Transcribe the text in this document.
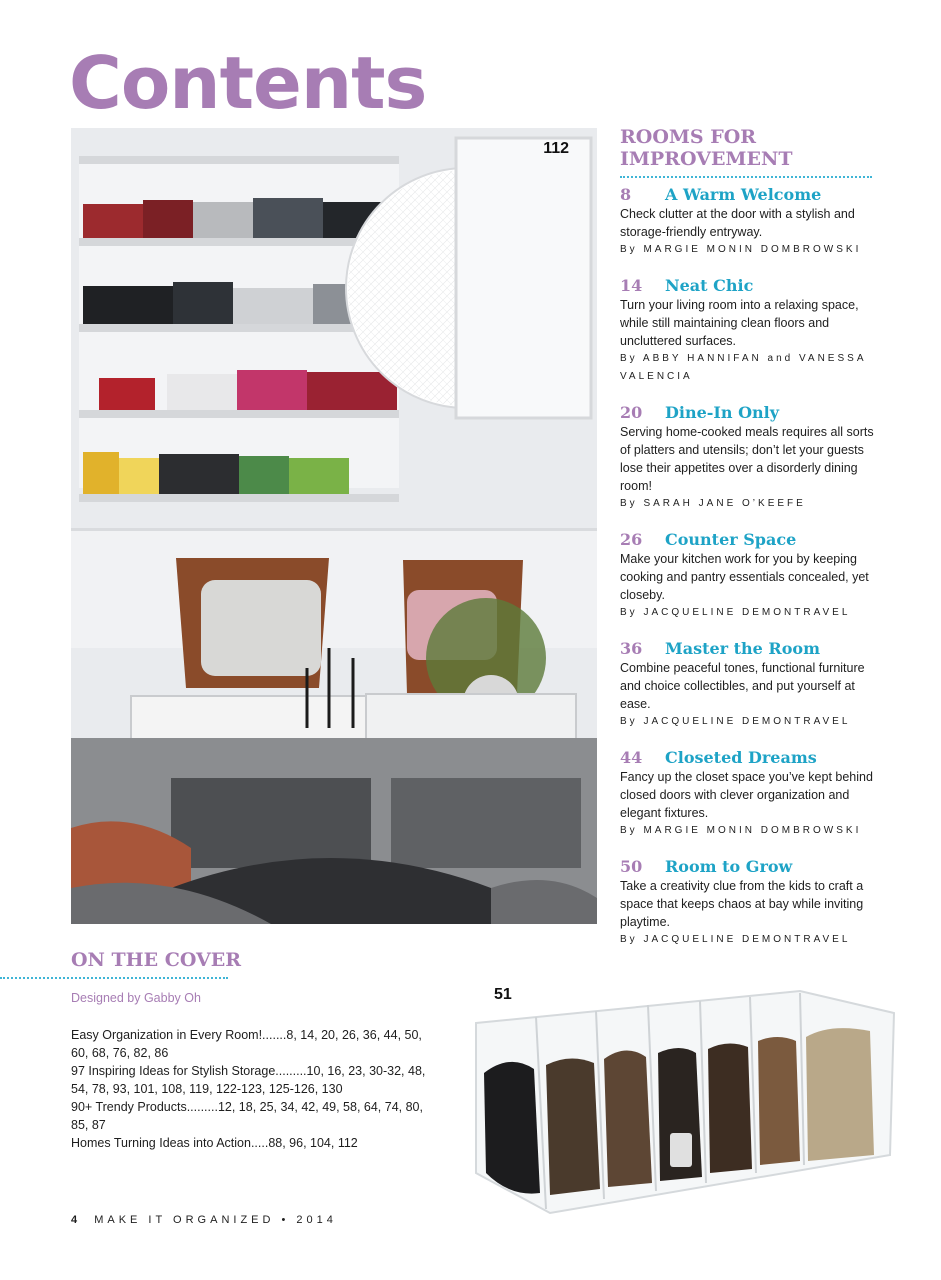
Contents
112
ROOMS FOR IMPROVEMENT
8	A Warm Welcome
Check clutter at the door with a stylish and storage-friendly entryway.
By MARGIE MONIN DOMBROWSKI
14	Neat Chic
Turn your living room into a relaxing space, while still maintaining clean floors and uncluttered surfaces.
By ABBY HANNIFAN and VANESSA VALENCIA
20	Dine-In Only
Serving home-cooked meals requires all sorts of platters and utensils; don’t let your guests lose their appetites over a disorderly dining room!
By SARAH JANE O’KEEFE
26	Counter Space
Make your kitchen work for you by keeping cooking and pantry essentials concealed, yet closeby.
By JACQUELINE DEMONTRAVEL
36	Master the Room
Combine peaceful tones, functional furniture and choice collectibles, and put yourself at ease.
By JACQUELINE DEMONTRAVEL
44	Closeted Dreams
Fancy up the closet space you’ve kept behind closed doors with clever organization and elegant fixtures.
By MARGIE MONIN DOMBROWSKI
50	Room to Grow
Take a creativity clue from the kids to craft a space that keeps chaos at bay while inviting playtime.
By JACQUELINE DEMONTRAVEL
ON THE COVER
Designed by Gabby Oh
Easy Organization in Every Room!.......8, 14, 20, 26, 36, 44, 50, 60, 68, 76, 82, 86
97 Inspiring Ideas for Stylish Storage.........10, 16, 23, 30-32, 48, 54, 78, 93, 101, 108, 119, 122-123, 125-126, 130
90+ Trendy Products.........12, 18, 25, 34, 42, 49, 58, 64, 74, 80, 85, 87
Homes Turning Ideas into Action.....88, 96, 104, 112
51
4 MAKE IT ORGANIZED • 2014
